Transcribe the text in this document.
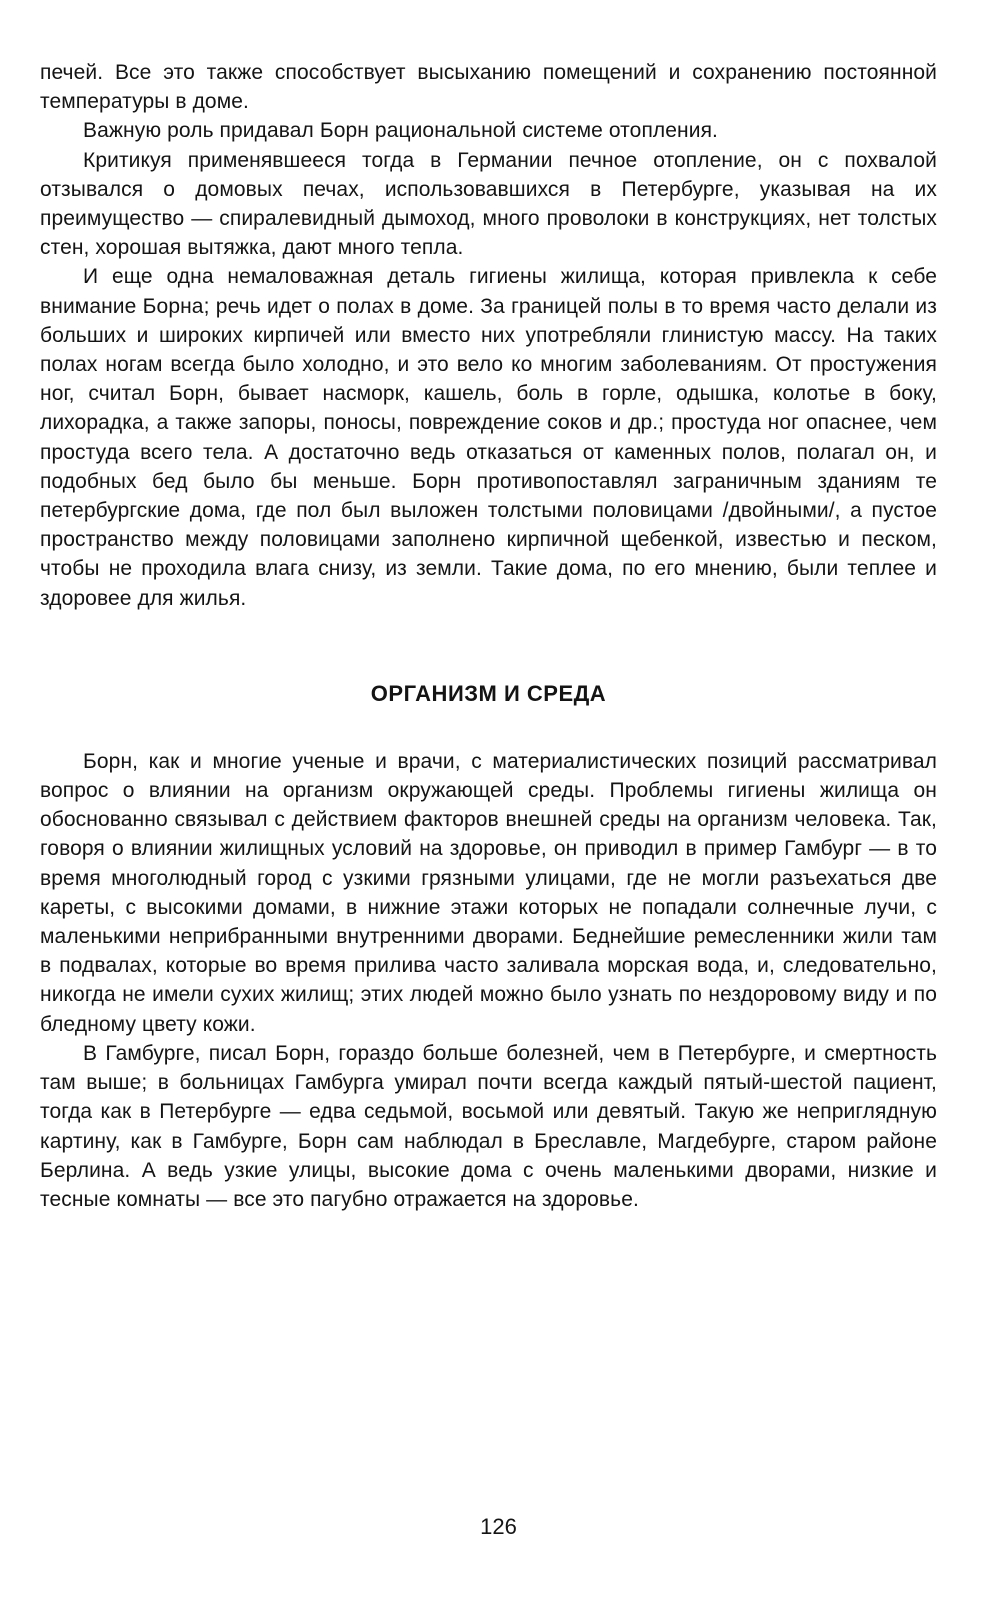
печей. Все это также способствует высыханию помещений и сохранению постоянной температуры в доме.

Важную роль придавал Борн рациональной системе отопления.

Критикуя применявшееся тогда в Германии печное отопление, он с похвалой отзывался о домовых печах, использовавшихся в Петербурге, указывая на их преимущество — спиралевидный дымоход, много проволоки в конструкциях, нет толстых стен, хорошая вытяжка, дают много тепла.

И еще одна немаловажная деталь гигиены жилища, которая привлекла к себе внимание Борна; речь идет о полах в доме. За границей полы в то время часто делали из больших и широких кирпичей или вместо них употребляли глинистую массу. На таких полах ногам всегда было холодно, и это вело ко многим заболеваниям. От простужения ног, считал Борн, бывает насморк, кашель, боль в горле, одышка, колотье в боку, лихорадка, а также запоры, поносы, повреждение соков и др.; простуда ног опаснее, чем простуда всего тела. А достаточно ведь отказаться от каменных полов, полагал он, и подобных бед было бы меньше. Борн противопоставлял заграничным зданиям те петербургские дома, где пол был выложен толстыми половицами /двойными/, а пустое пространство между половицами заполнено кирпичной щебенкой, известью и песком, чтобы не проходила влага снизу, из земли. Такие дома, по его мнению, были теплее и здоровее для жилья.

ОРГАНИЗМ И СРЕДА

Борн, как и многие ученые и врачи, с материалистических позиций рассматривал вопрос о влиянии на организм окружающей среды. Проблемы гигиены жилища он обоснованно связывал с действием факторов внешней среды на организм человека. Так, говоря о влиянии жилищных условий на здоровье, он приводил в пример Гамбург — в то время многолюдный город с узкими грязными улицами, где не могли разъехаться две кареты, с высокими домами, в нижние этажи которых не попадали солнечные лучи, с маленькими неприбранными внутренними дворами. Беднейшие ремесленники жили там в подвалах, которые во время прилива часто заливала морская вода, и, следовательно, никогда не имели сухих жилищ; этих людей можно было узнать по нездоровому виду и по бледному цвету кожи.

В Гамбурге, писал Борн, гораздо больше болезней, чем в Петербурге, и смертность там выше; в больницах Гамбурга умирал почти всегда каждый пятый-шестой пациент, тогда как в Петербурге — едва седьмой, восьмой или девятый. Такую же неприглядную картину, как в Гамбурге, Борн сам наблюдал в Бреславле, Магдебурге, старом районе Берлина. А ведь узкие улицы, высокие дома с очень маленькими дворами, низкие и тесные комнаты — все это пагубно отражается на здоровье.

126
